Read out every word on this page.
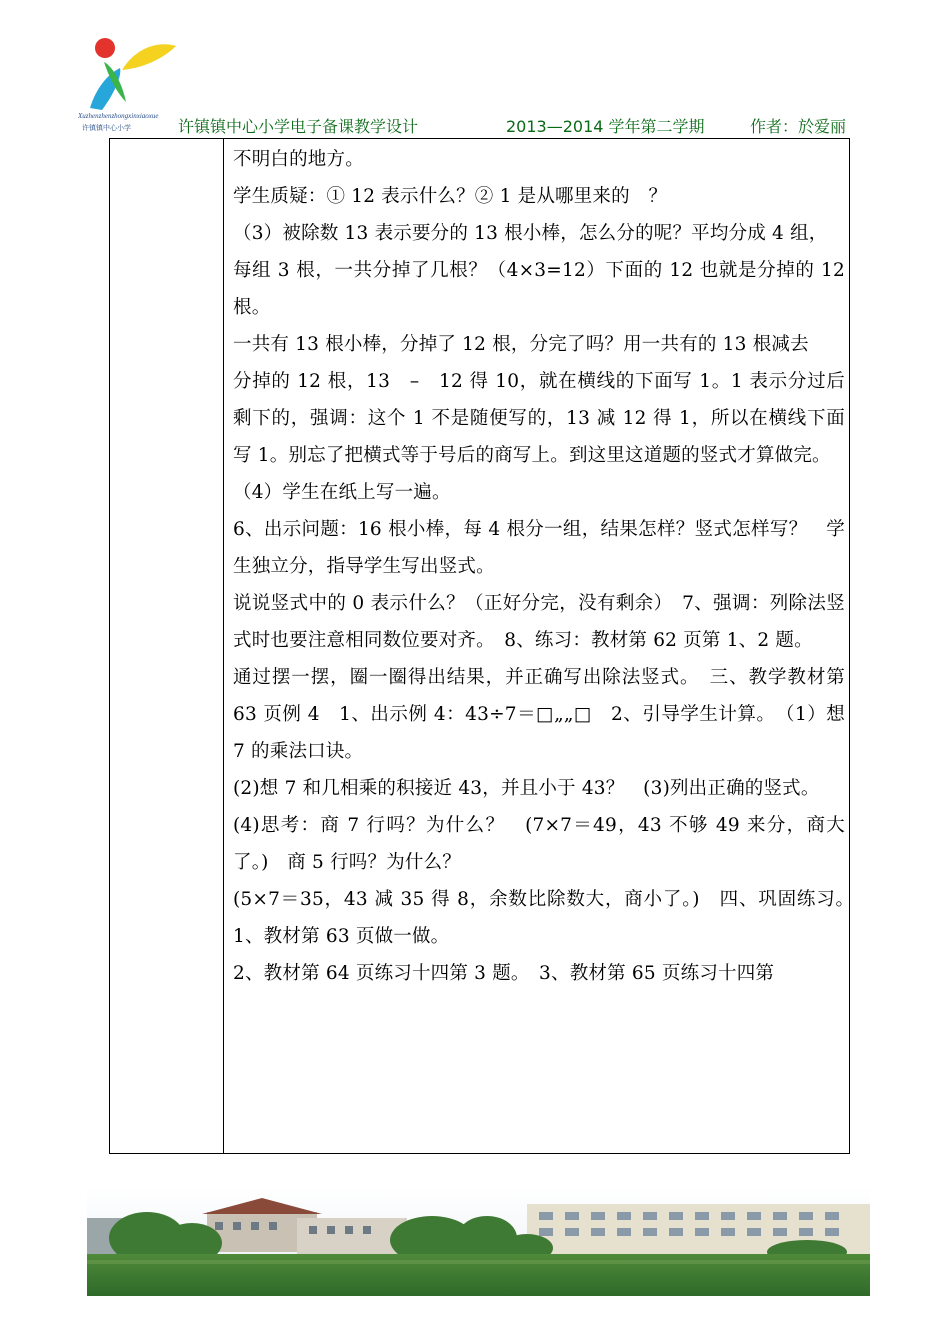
Xuzhenzhenzhongxinxiaoxue
许镇镇中心小学	许镇镇中心小学电子备课教学设计	2013—2014 学年第二学期	作者：於爱丽

不明白的地方。

学生质疑：① 12 表示什么？② 1 是从哪里来的　？

（3）被除数 13 表示要分的 13 根小棒，怎么分的呢？平均分成 4 组，

每组 3 根，一共分掉了几根？（4×3=12）下面的 12 也就是分掉的 12 根。

一共有 13 根小棒，分掉了 12 根，分完了吗？用一共有的 13 根减去

分掉的 12 根，13　–　12 得 10，就在横线的下面写 1。1 表示分过后剩下的，强调：这个 1 不是随便写的，13 减 12 得 1，所以在横线下面写 1。别忘了把横式等于号后的商写上。到这里这道题的竖式才算做完。

（4）学生在纸上写一遍。

6、出示问题：16 根小棒，每 4 根分一组，结果怎样？竖式怎样写？　学生独立分，指导学生写出竖式。

说说竖式中的 0 表示什么？（正好分完，没有剩余）　7、强调：列除法竖式时也要注意相同数位要对齐。　8、练习：教材第 62 页第 1、2 题。

通过摆一摆，圈一圈得出结果，并正确写出除法竖式。　三、教学教材第 63 页例 4　1、出示例 4：43÷7＝□„„□　2、引导学生计算。　（1）想 7 的乘法口诀。

(2)想 7 和几相乘的积接近 43，并且小于 43？　(3)列出正确的竖式。

(4)思考：商 7 行吗？为什么？　(7×7＝49，43 不够 49 来分，商大了。)　商 5 行吗？为什么？

(5×7＝35，43 减 35 得 8，余数比除数大，商小了。)　四、巩固练习。　1、教材第 63 页做一做。

2、教材第 64 页练习十四第 3 题。　3、教材第 65 页练习十四第
